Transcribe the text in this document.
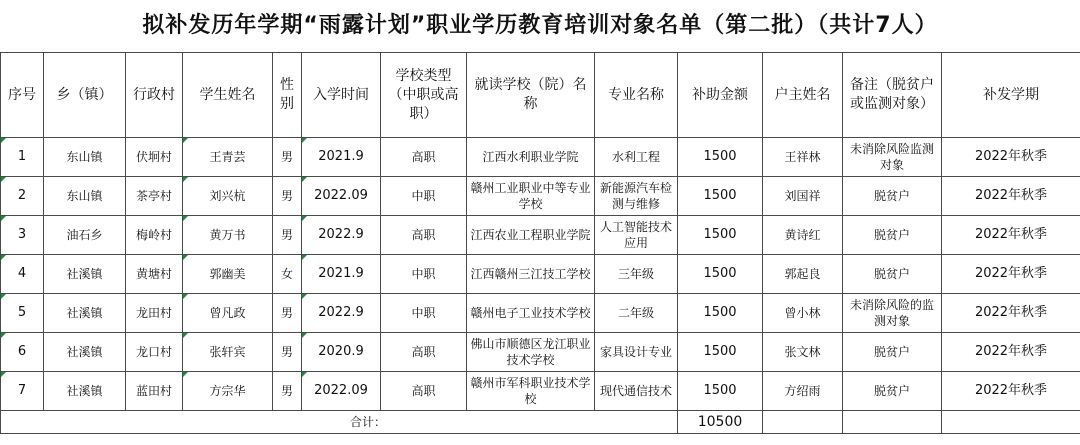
拟补发历年学期“雨露计划”职业学历教育培训对象名单（第二批）（共计7人）
序号	乡（镇）	行政村	学生姓名	性别	入学时间	学校类型（中职或高职）	就读学校（院）名称	专业名称	补助金额	户主姓名	备注（脱贫户或监测对象）	补发学期
1	东山镇	伏坰村	王青芸	男	2021.9	高职	江西水利职业学院	水利工程	1500	王祥林	未消除风险监测对象	2022年秋季
2	东山镇	茶亭村	刘兴杭	男	2022.09	中职	赣州工业职业中等专业学校	新能源汽车检测与维修	1500	刘国祥	脱贫户	2022年秋季
3	油石乡	梅岭村	黄万书	男	2022.9	高职	江西农业工程职业学院	人工智能技术应用	1500	黄诗红	脱贫户	2022年秋季
4	社溪镇	黄塘村	郭幽美	女	2021.9	中职	江西赣州三江技工学校	三年级	1500	郭起良	脱贫户	2022年秋季
5	社溪镇	龙田村	曾凡政	男	2022.9	中职	赣州电子工业技术学校	二年级	1500	曾小林	未消除风险的监测对象	2022年秋季
6	社溪镇	龙口村	张轩宾	男	2020.9	高职	佛山市顺德区龙江职业技术学校	家具设计专业	1500	张文林	脱贫户	2022年秋季
7	社溪镇	蓝田村	方宗华	男	2022.09	高职	赣州市军科职业技术学校	现代通信技术	1500	方绍雨	脱贫户	2022年秋季
合计：									10500			
